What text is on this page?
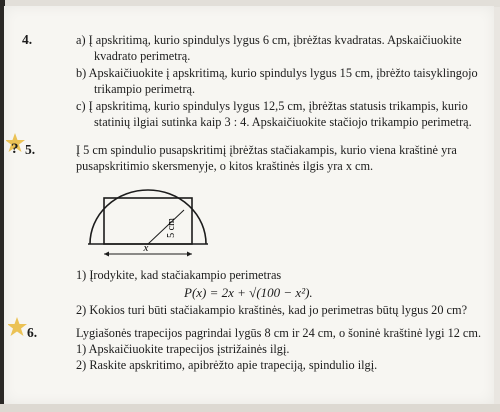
4.	a) Į apskritimą, kurio spindulys lygus 6 cm, įbrėžtas kvadratas. Apskaičiuokite
kvadrato perimetrą.
b) Apskaičiuokite į apskritimą, kurio spindulys lygus 15 cm, įbrėžto taisyklingojo
trikampio perimetrą.
c) Į apskritimą, kurio spindulys lygus 12,5 cm, įbrėžtas statusis trikampis, kurio
statinių ilgiai sutinka kaip 3 : 4. Apskaičiuokite stačiojo trikampio perimetrą.
? 5.	Į 5 cm spindulio pusapskritimį įbrėžtas stačiakampis, kurio viena kraštinė yra
pusapskritimio skersmenyje, o kitos kraštinės ilgis yra x cm.
5 cm
x
1) Įrodykite, kad stačiakampio perimetras
P(x) = 2x + √(100 − x²).
2) Kokios turi būti stačiakampio kraštinės, kad jo perimetras būtų lygus 20 cm?
6.	Lygiašonės trapecijos pagrindai lygūs 8 cm ir 24 cm, o šoninė kraštinė lygi 12 cm.
1) Apskaičiuokite trapecijos įstrižainės ilgį.
2) Raskite apskritimo, apibrėžto apie trapeciją, spindulio ilgį.
